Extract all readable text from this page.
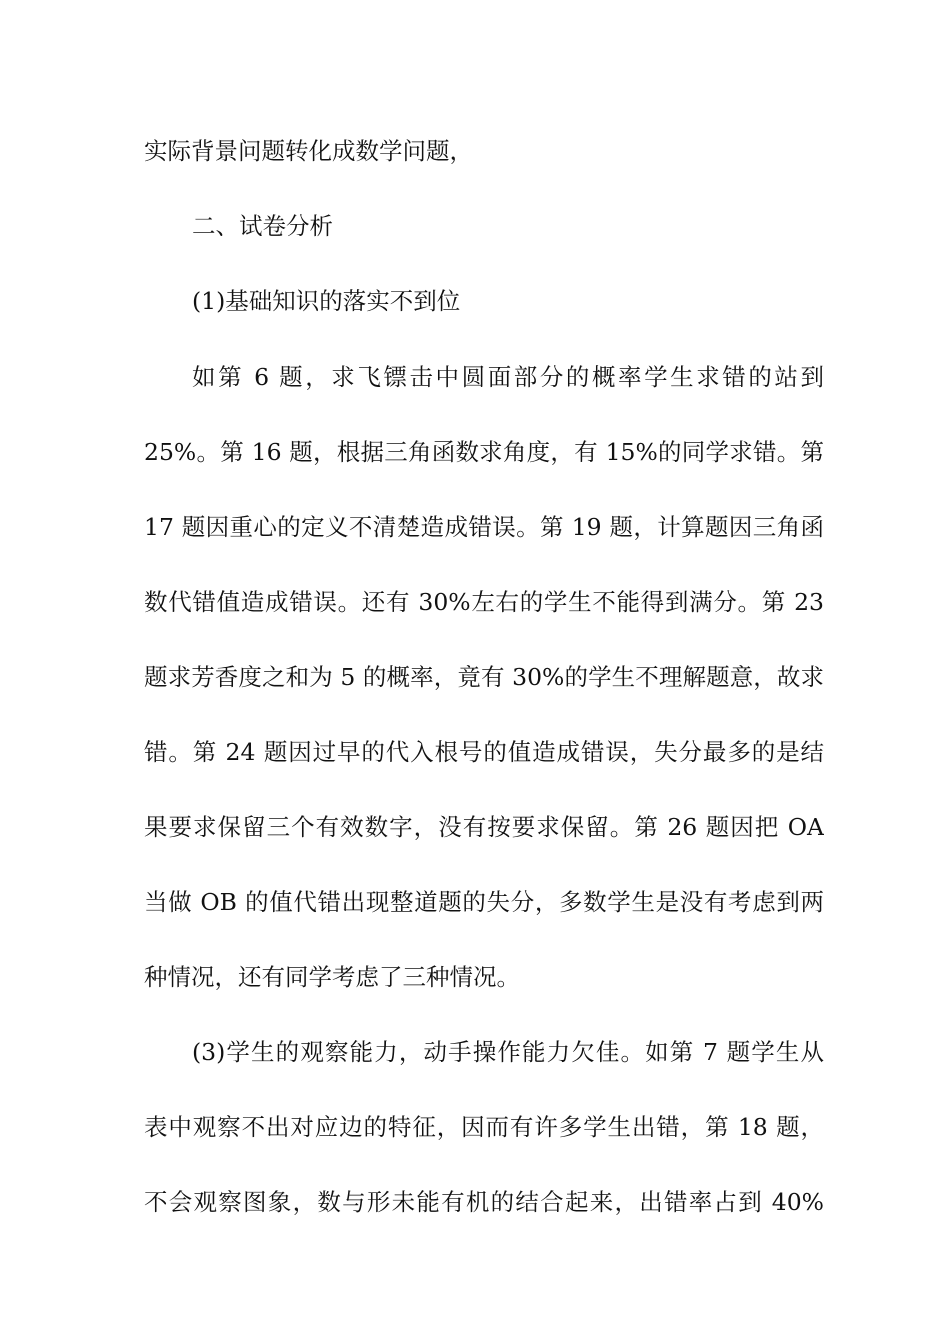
实际背景问题转化成数学问题，
二、试卷分析
(1)基础知识的落实不到位
如第 6 题，求飞镖击中圆面部分的概率学生求错的站到
25%。第 16 题，根据三角函数求角度，有 15%的同学求错。第
17 题因重心的定义不清楚造成错误。第 19 题，计算题因三角函
数代错值造成错误。还有 30%左右的学生不能得到满分。第 23
题求芳香度之和为 5 的概率，竟有 30%的学生不理解题意，故求
错。第 24 题因过早的代入根号的值造成错误，失分最多的是结
果要求保留三个有效数字，没有按要求保留。第 26 题因把 OA
当做 OB 的值代错出现整道题的失分，多数学生是没有考虑到两
种情况，还有同学考虑了三种情况。
(3)学生的观察能力，动手操作能力欠佳。如第 7 题学生从
表中观察不出对应边的特征，因而有许多学生出错，第 18 题，
不会观察图象，数与形未能有机的结合起来，出错率占到 40%
